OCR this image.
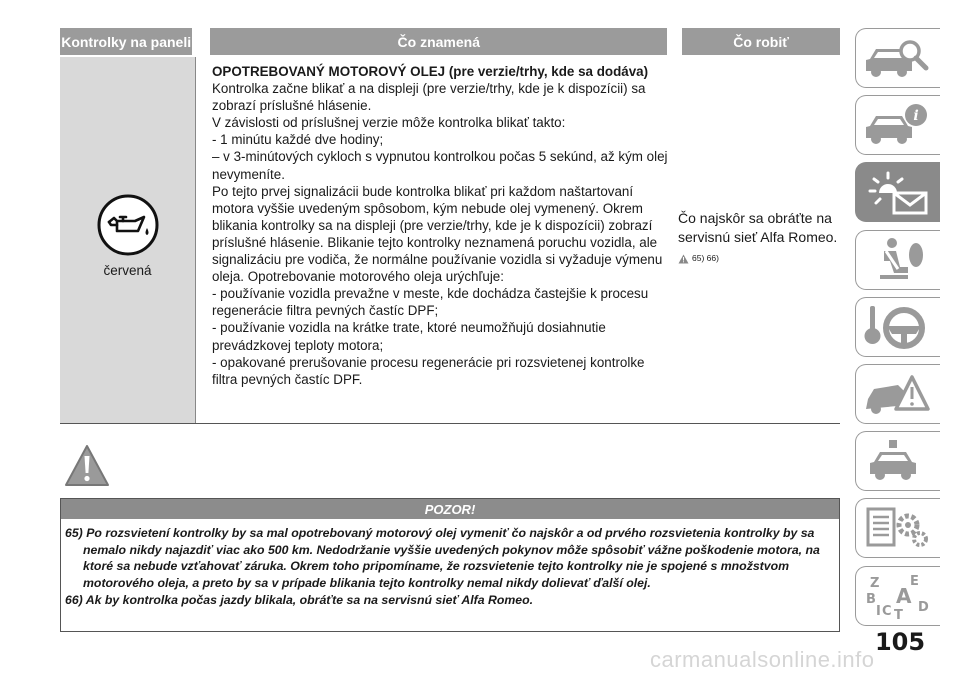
Kontrolky na paneli	Čo znamená	Čo robiť
červená

OPOTREBOVANÝ MOTOROVÝ OLEJ (pre verzie/trhy, kde sa dodáva)

Kontrolka začne blikať a na displeji (pre verzie/trhy, kde je k dispozícii) sa zobrazí príslušné hlásenie.

V závislosti od príslušnej verzie môže kontrolka blikať takto:

- 1 minútu každé dve hodiny;

– v 3-minútových cykloch s vypnutou kontrolkou počas 5 sekúnd, až kým olej nevymeníte.

Po tejto prvej signalizácii bude kontrolka blikať pri každom naštartovaní motora vyššie uvedeným spôsobom, kým nebude olej vymenený. Okrem blikania kontrolky sa na displeji (pre verzie/trhy, kde je k dispozícii) zobrazí príslušné hlásenie. Blikanie tejto kontrolky neznamená poruchu vozidla, ale signalizáciu pre vodiča, že normálne používanie vozidla si vyžaduje výmenu oleja. Opotrebovanie motorového oleja urýchľuje:

- používanie vozidla prevažne v meste, kde dochádza častejšie k procesu regenerácie filtra pevných častíc DPF;

- používanie vozidla na krátke trate, ktoré neumožňujú dosiahnutie prevádzkovej teploty motora;

- opakované prerušovanie procesu regenerácie pri rozsvietenej kontrolke filtra pevných častíc DPF.

Čo najskôr sa obráťte na servisnú sieť Alfa Romeo.
65) 66)
POZOR!

65) Po rozsvietení kontrolky by sa mal opotrebovaný motorový olej vymeniť čo najskôr a od prvého rozsvietenia kontrolky by sa nemalo nikdy najazdiť viac ako 500 km. Nedodržanie vyššie uvedených pokynov môže spôsobiť vážne poškodenie motora, na ktoré sa nebude vzťahovať záruka. Okrem toho pripomíname, že rozsvietenie tejto kontrolky nie je spojené s množstvom motorového oleja, a preto by sa v prípade blikania tejto kontrolky nemal nikdy dolievať ďalší olej.

66) Ak by kontrolka počas jazdy blikala, obráťte sa na servisnú sieť Alfa Romeo.

i
Z E
B A
I C T
D
105
carmanualsonline.info
